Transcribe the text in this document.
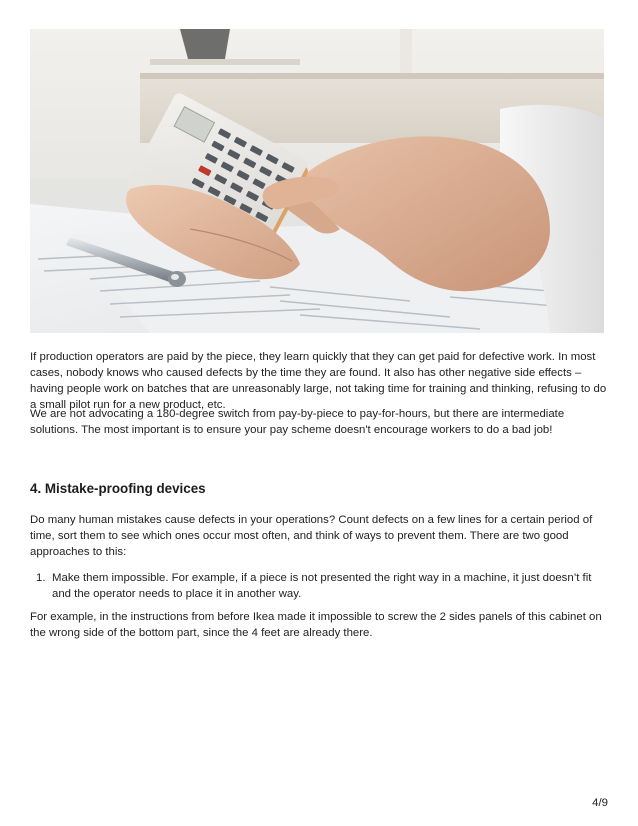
If production operators are paid by the piece, they learn quickly that they can get paid for defective work. In most cases, nobody knows who caused defects by the time they are found. It also has other negative side effects – having people work on batches that are unreasonably large, not taking time for training and thinking, refusing to do a small pilot run for a new product, etc.

We are not advocating a 180-degree switch from pay-by-piece to pay-for-hours, but there are intermediate solutions. The most important is to ensure your pay scheme doesn't encourage workers to do a bad job!

4. Mistake-proofing devices

Do many human mistakes cause defects in your operations? Count defects on a few lines for a certain period of time, sort them to see which ones occur most often, and think of ways to prevent them. There are two good approaches to this:

1. Make them impossible. For example, if a piece is not presented the right way in a machine, it just doesn’t fit and the operator needs to place it in another way.

For example, in the instructions from before Ikea made it impossible to screw the 2 sides panels of this cabinet on the wrong side of the bottom part, since the 4 feet are already there.

4/9
